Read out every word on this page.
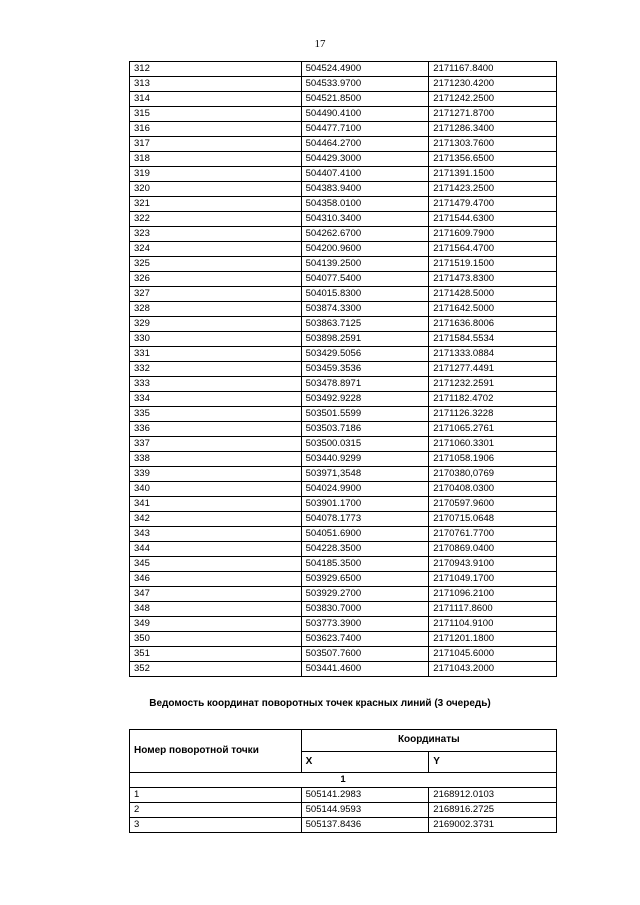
17
312	504524.4900	2171167.8400
313	504533.9700	2171230.4200
314	504521.8500	2171242.2500
315	504490.4100	2171271.8700
316	504477.7100	2171286.3400
317	504464.2700	2171303.7600
318	504429.3000	2171356.6500
319	504407.4100	2171391.1500
320	504383.9400	2171423.2500
321	504358.0100	2171479.4700
322	504310.3400	2171544.6300
323	504262.6700	2171609.7900
324	504200.9600	2171564.4700
325	504139.2500	2171519.1500
326	504077.5400	2171473.8300
327	504015.8300	2171428.5000
328	503874.3300	2171642.5000
329	503863.7125	2171636.8006
330	503898.2591	2171584.5534
331	503429.5056	2171333.0884
332	503459.3536	2171277.4491
333	503478.8971	2171232.2591
334	503492.9228	2171182.4702
335	503501.5599	2171126.3228
336	503503.7186	2171065.2761
337	503500.0315	2171060.3301
338	503440.9299	2171058.1906
339	503971,3548	2170380,0769
340	504024.9900	2170408.0300
341	503901.1700	2170597.9600
342	504078.1773	2170715.0648
343	504051.6900	2170761.7700
344	504228.3500	2170869.0400
345	504185.3500	2170943.9100
346	503929.6500	2171049.1700
347	503929.2700	2171096.2100
348	503830.7000	2171117.8600
349	503773.3900	2171104.9100
350	503623.7400	2171201.1800
351	503507.7600	2171045.6000
352	503441.4600	2171043.2000
Ведомость координат поворотных точек красных линий (3 очередь)
Номер поворотной точки	Координаты	
	X	Y
1		
1	505141.2983	2168912.0103
2	505144.9593	2168916.2725
3	505137.8436	2169002.3731
